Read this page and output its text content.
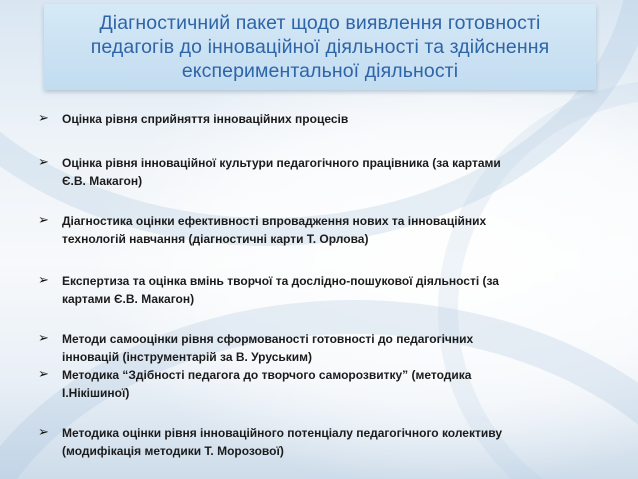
Діагностичний пакет щодо виявлення готовності
педагогів до інноваційної діяльності та здійснення
експериментальної діяльності
➢	Оцінка рівня сприйняття інноваційних процесів
➢	Оцінка рівня інноваційної культури педагогічного працівника (за картами
Є.В. Макагон)
➢	Діагностика оцінки ефективності впровадження нових та інноваційних
технологій навчання (діагностичні карти Т. Орлова)
➢	Експертиза та оцінка вмінь творчої та дослідно-пошукової діяльності (за
картами Є.В. Макагон)
➢	Методи самооцінки рівня сформованості готовності до педагогічних
інновацій (інструментарій за В. Уруським)
➢	Методика “Здібності педагога до творчого саморозвитку” (методика
І.Нікішиної)
➢	Методика оцінки рівня інноваційного потенціалу педагогічного колективу
(модифікація методики Т. Морозової)
